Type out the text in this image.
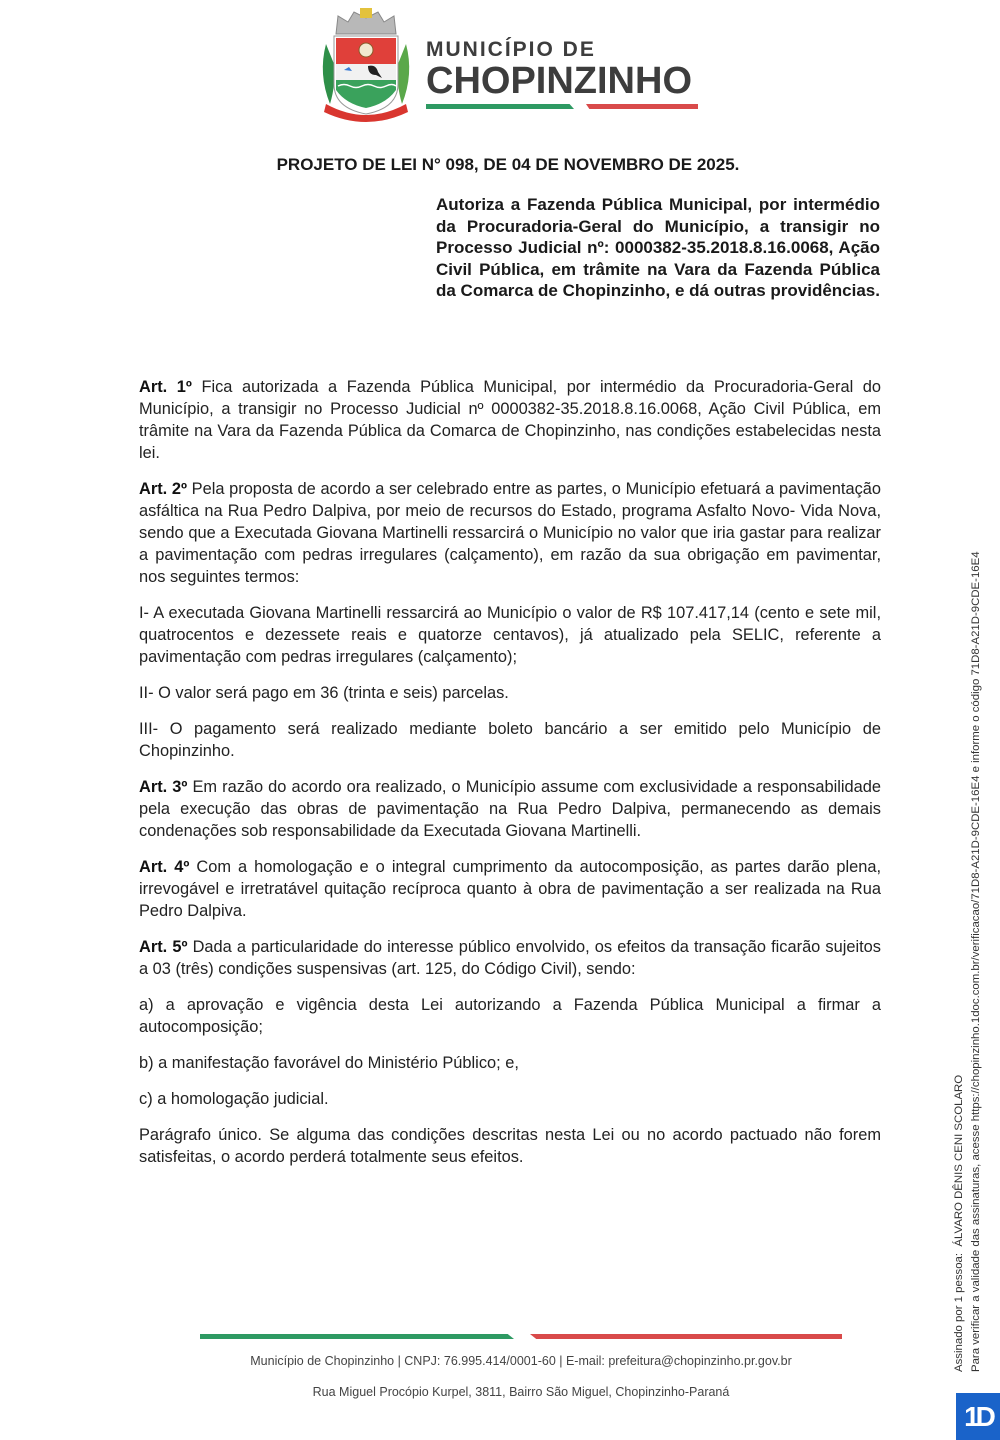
MUNICÍPIO DE
CHOPINZINHO
PROJETO DE LEI N° 098, DE 04 DE NOVEMBRO DE 2025.
Autoriza a Fazenda Pública Municipal, por intermédio da Procuradoria-Geral do Município, a transigir no Processo Judicial nº: 0000382-35.2018.8.16.0068, Ação Civil Pública, em trâmite na Vara da Fazenda Pública da Comarca de Chopinzinho, e dá outras providências.

Art. 1º Fica autorizada a Fazenda Pública Municipal, por intermédio da Procuradoria-Geral do Município, a transigir no Processo Judicial nº 0000382-35.2018.8.16.0068, Ação Civil Pública, em trâmite na Vara da Fazenda Pública da Comarca de Chopinzinho, nas condições estabelecidas nesta lei.

Art. 2º Pela proposta de acordo a ser celebrado entre as partes, o Município efetuará a pavimentação asfáltica na Rua Pedro Dalpiva, por meio de recursos do Estado, programa Asfalto Novo- Vida Nova, sendo que a Executada Giovana Martinelli ressarcirá o Município no valor que iria gastar para realizar a pavimentação com pedras irregulares (calçamento), em razão da sua obrigação em pavimentar, nos seguintes termos:

I- A executada Giovana Martinelli ressarcirá ao Município o valor de R$ 107.417,14 (cento e sete mil, quatrocentos e dezessete reais e quatorze centavos), já atualizado pela SELIC, referente a pavimentação com pedras irregulares (calçamento);

II- O valor será pago em 36 (trinta e seis) parcelas.

III- O pagamento será realizado mediante boleto bancário a ser emitido pelo Município de Chopinzinho.

Art. 3º Em razão do acordo ora realizado, o Município assume com exclusividade a responsabilidade pela execução das obras de pavimentação na Rua Pedro Dalpiva, permanecendo as demais condenações sob responsabilidade da Executada Giovana Martinelli.

Art. 4º Com a homologação e o integral cumprimento da autocomposição, as partes darão plena, irrevogável e irretratável quitação recíproca quanto à obra de pavimentação a ser realizada na Rua Pedro Dalpiva.

Art. 5º Dada a particularidade do interesse público envolvido, os efeitos da transação ficarão sujeitos a 03 (três) condições suspensivas (art. 125, do Código Civil), sendo:

a) a aprovação e vigência desta Lei autorizando a Fazenda Pública Municipal a firmar a autocomposição;

b) a manifestação favorável do Ministério Público; e,

c) a homologação judicial.

Parágrafo único. Se alguma das condições descritas nesta Lei ou no acordo pactuado não forem satisfeitas, o acordo perderá totalmente seus efeitos.

Município de Chopinzinho | CNPJ: 76.995.414/0001-60 | E-mail: prefeitura@chopinzinho.pr.gov.br
Rua Miguel Procópio Kurpel, 3811, Bairro São Miguel, Chopinzinho-Paraná
Assinado por 1 pessoa:  ÁLVARO DÊNIS CENI SCOLARO Para verificar a validade das assinaturas, acesse https://chopinzinho.1doc.com.br/verificacao/71D8-A21D-9CDE-16E4 e informe o código 71D8-A21D-9CDE-16E4
1D
